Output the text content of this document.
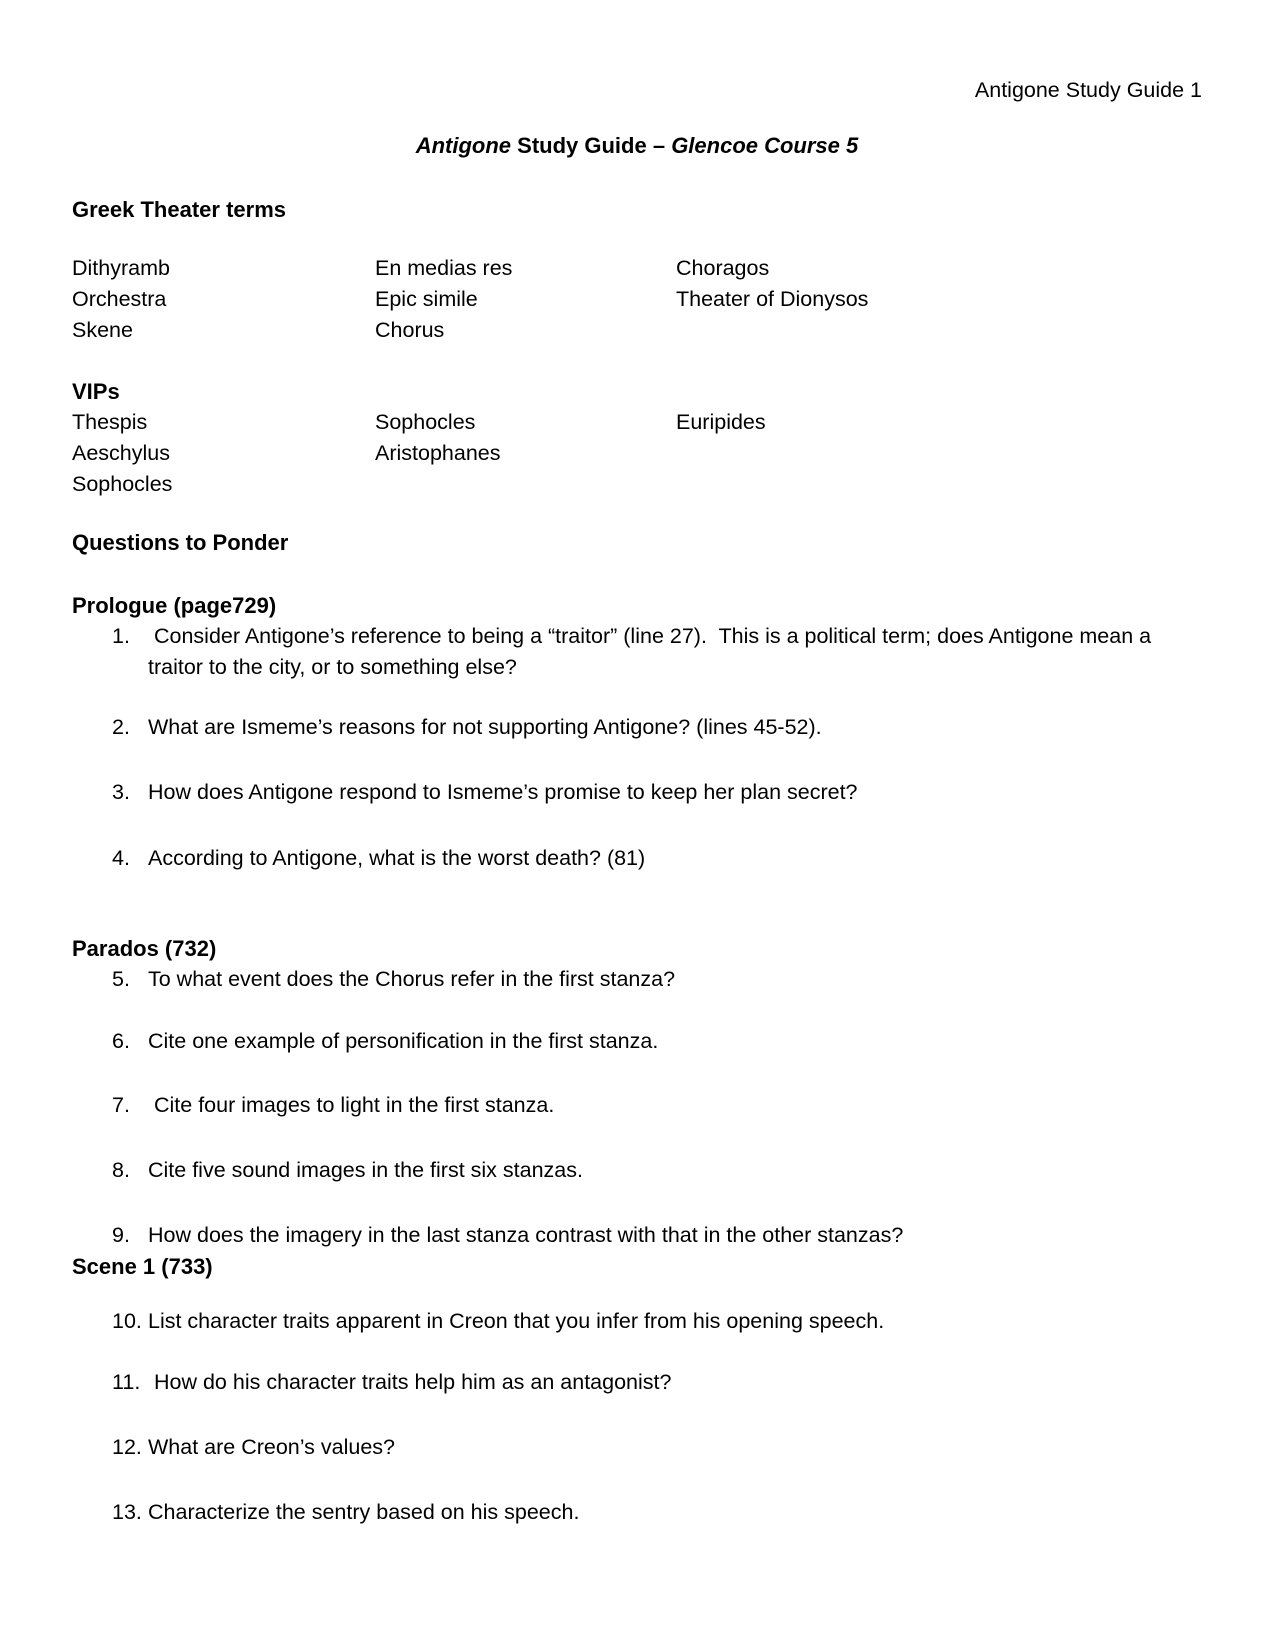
Antigone Study Guide 1
Antigone Study Guide – Glencoe Course 5
Greek Theater terms
Dithyramb	En medias res	Choragos
Orchestra	Epic simile	Theater of Dionysos
Skene	Chorus
VIPs
Thespis	Sophocles	Euripides
Aeschylus	Aristophanes
Sophocles
Questions to Ponder
Prologue (page729)
1. Consider Antigone’s reference to being a “traitor” (line 27).  This is a political term; does Antigone mean a traitor to the city, or to something else?
2. What are Ismeme’s reasons for not supporting Antigone? (lines 45-52).
3. How does Antigone respond to Ismeme’s promise to keep her plan secret?
4. According to Antigone, what is the worst death? (81)
Parados (732)
5. To what event does the Chorus refer in the first stanza?
6. Cite one example of personification in the first stanza.
7. Cite four images to light in the first stanza.
8. Cite five sound images in the first six stanzas.
9. How does the imagery in the last stanza contrast with that in the other stanzas?
Scene 1 (733)
10. List character traits apparent in Creon that you infer from his opening speech.
11. How do his character traits help him as an antagonist?
12. What are Creon’s values?
13. Characterize the sentry based on his speech.
